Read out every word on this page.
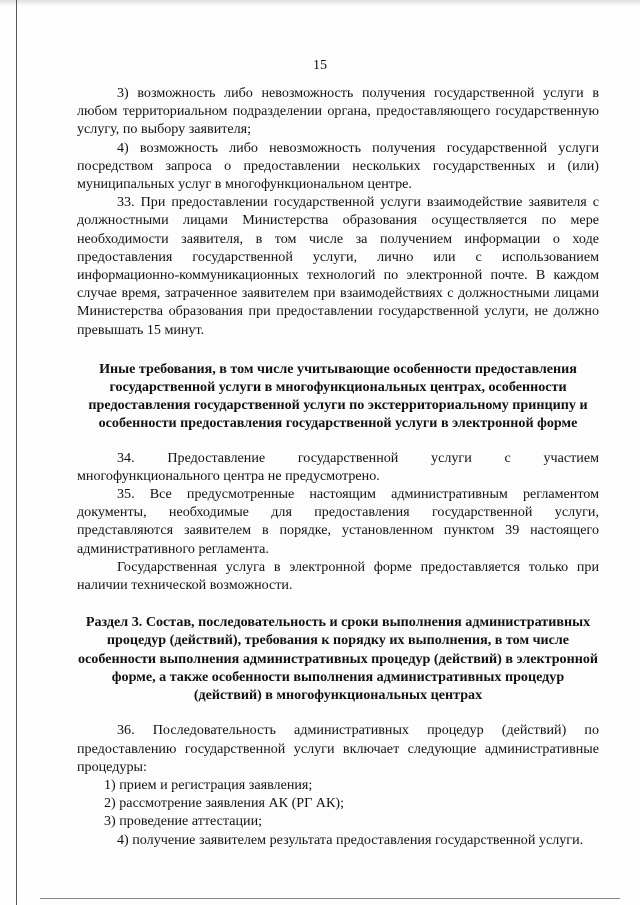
15

3) возможность либо невозможность получения государственной услуги в любом территориальном подразделении органа, предоставляющего государственную услугу, по выбору заявителя;

4) возможность либо невозможность получения государственной услуги посредством запроса о предоставлении нескольких государственных и (или) муниципальных услуг в многофункциональном центре.

33. При предоставлении государственной услуги взаимодействие заявителя с должностными лицами Министерства образования осуществляется по мере необходимости заявителя, в том числе за получением информации о ходе предоставления государственной услуги, лично или с использованием информационно-коммуникационных технологий по электронной почте. В каждом случае время, затраченное заявителем при взаимодействиях с должностными лицами Министерства образования при предоставлении государственной услуги, не должно превышать 15 минут.

Иные требования, в том числе учитывающие особенности предоставления государственной услуги в многофункциональных центрах, особенности предоставления государственной услуги по экстерриториальному принципу и особенности предоставления государственной услуги в электронной форме

34. Предоставление государственной услуги с участием многофункционального центра не предусмотрено.

35. Все предусмотренные настоящим административным регламентом документы, необходимые для предоставления государственной услуги, представляются заявителем в порядке, установленном пунктом 39 настоящего административного регламента.

Государственная услуга в электронной форме предоставляется только при наличии технической возможности.

Раздел 3. Состав, последовательность и сроки выполнения административных процедур (действий), требования к порядку их выполнения, в том числе особенности выполнения административных процедур (действий) в электронной форме, а также особенности выполнения административных процедур (действий) в многофункциональных центрах

36. Последовательность административных процедур (действий) по предоставлению государственной услуги включает следующие административные процедуры:

1) прием и регистрация заявления;

2) рассмотрение заявления АК (РГ АК);

3) проведение аттестации;

4) получение заявителем результата предоставления государственной услуги.
